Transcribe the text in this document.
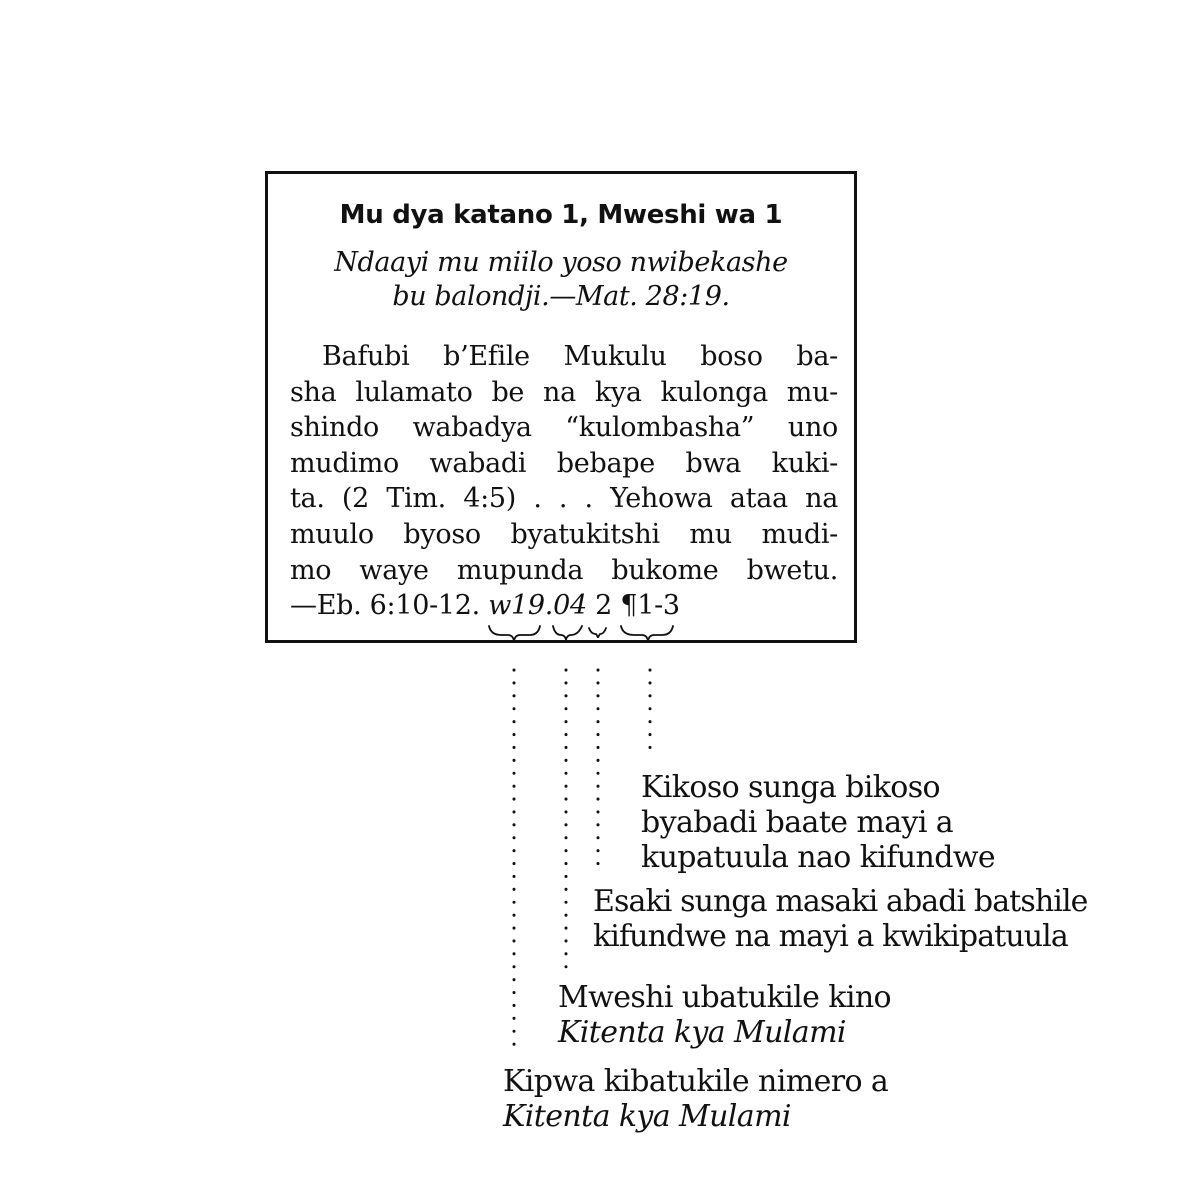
Mu dya katano 1, Mweshi wa 1
Ndaayi mu miilo yoso nwibekashe
bu balondji.—Mat. 28:19.
Bafubi b’Efile Mukulu boso ba-
sha lulamato be na kya kulonga mu-
shindo wabadya “kulombasha” uno
mudimo wabadi bebape bwa kuki-
ta. (2 Tim. 4:5) . . . Yehowa ataa na
muulo byoso byatukitshi mu mudi-
mo waye mupunda bukome bwetu.
—Eb. 6:10-12. w19.04 2 ¶1-3
Kikoso sunga bikoso
byabadi baate mayi a
kupatuula nao kifundwe
Esaki sunga masaki abadi batshile
kifundwe na mayi a kwikipatuula
Mweshi ubatukile kino
Kitenta kya Mulami
Kipwa kibatukile nimero a
Kitenta kya Mulami
